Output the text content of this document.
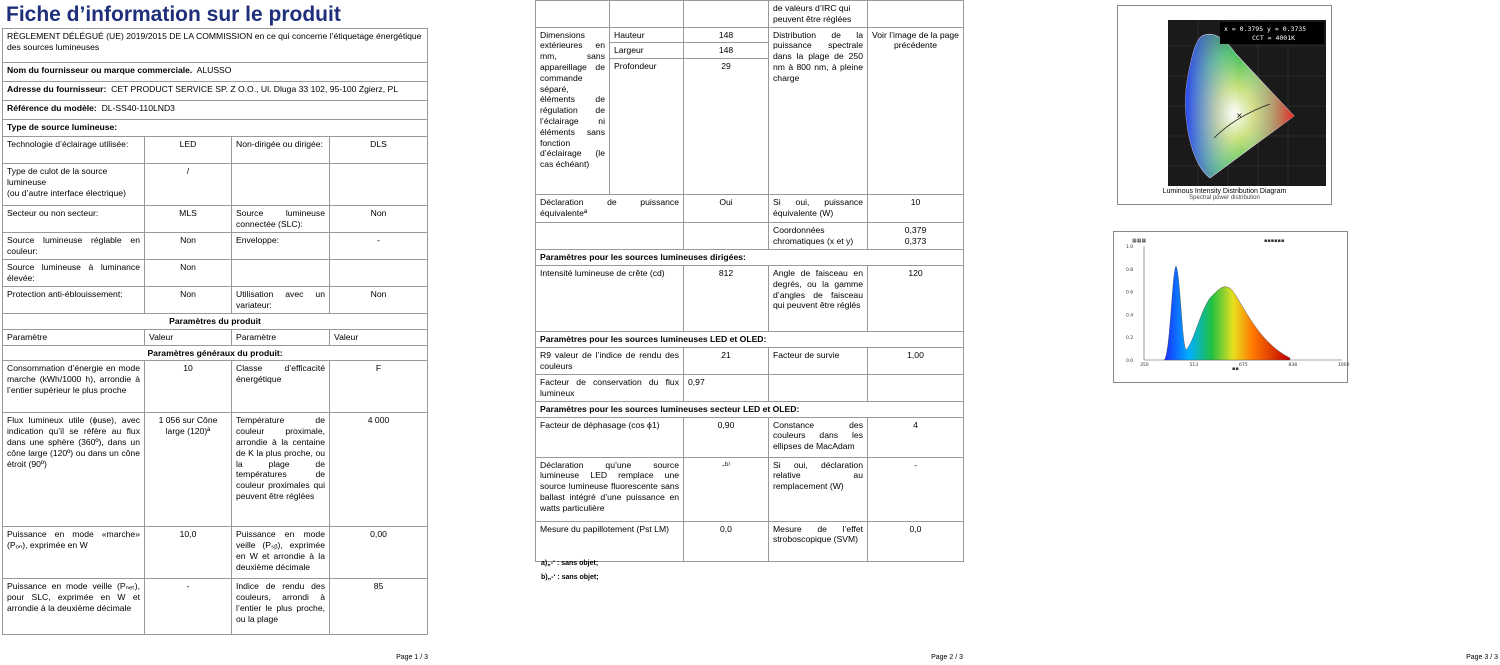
Fiche d’information sur le produit
RÈGLEMENT DÉLÉGUÉ (UE) 2019/2015 DE LA COMMISSION en ce qui concerne l’étiquetage énergétique des sources lumineuses			
Nom du fournisseur ou marque commerciale. ALUSSO			
Adresse du fournisseur: CET PRODUCT SERVICE SP. Z O.O., Ul. Dluga 33 102, 95-100 Zgierz, PL			
Référence du modèle: DL-SS40-110LND3			
Type de source lumineuse:			
Technologie d’éclairage utilisée:	LED	Non-dirigée ou dirigée:	DLS
Type de culot de la source lumineuse
(ou d’autre interface électrique)	/		
Secteur ou non secteur:	MLS	Source lumineuse connectée (SLC):	Non
Source lumineuse réglable en couleur:	Non	Enveloppe:	-
Source lumineuse à luminance élevée:	Non		
Protection anti-éblouissement:	Non	Utilisation avec un variateur:	Non
Paramètres du produit			
Paramètre	Valeur	Paramètre	Valeur
Paramètres généraux du produit:			
Consommation d’énergie en mode marche (kWh/1000 h), arrondie à l’entier supérieur le plus proche	10	Classe d’efficacité énergétique	F
Flux lumineux utile (ϕuse), avec indication qu’il se réfère au flux dans une sphère (360º), dans un cône large (120º) ou dans un cône étroit (90º)	1 056 sur Cône large (120)ª	Température de couleur proximale, arrondie à la centaine de K la plus proche, ou la plage de températures de couleur proximales qui peuvent être réglées	4 000
Puissance en mode «marche» (Pₒₙ), exprimée en W	10,0	Puissance en mode veille (Pₛᵦ), exprimée en W et arrondie à la deuxième décimale	0,00
Puissance en mode veille (Pₙₑₜ), pour SLC, exprimée en W et arrondie à la deuxième décimale	-	Indice de rendu des couleurs, arrondi à l’entier le plus proche, ou la plage	85
Page 1 / 3
			de valeurs d’IRC qui peuvent être réglées	
Dimensions extérieures en mm, sans appareillage de commande séparé, éléments de régulation de l’éclairage ni éléments sans fonction d’éclairage (le cas échéant)	Hauteur	148	Distribution de la puissance spectrale dans la plage de 250 nm à 800 nm, à pleine charge	Voir l’image de la page précédente
	Largeur	148		
	Profondeur	29		
Déclaration de puissance équivalenteª		Oui	Si oui, puissance équivalente (W)	10
			Coordonnées chromatiques (x et y)	0,379
0,373
Paramètres pour les sources lumineuses dirigées:				
Intensité lumineuse de crête (cd)		812	Angle de faisceau en degrés, ou la gamme d’angles de faisceau qui peuvent être réglés	120
Paramètres pour les sources lumineuses LED et OLED:				
R9 valeur de l’indice de rendu des couleurs		21	Facteur de survie	1,00
Facteur de conservation du flux lumineux		0,97		
Paramètres pour les sources lumineuses secteur LED et OLED:				
Facteur de déphasage (cos ϕ1)		0,90	Constance des couleurs dans les ellipses de MacAdam	4
Déclaration qu’une source lumineuse LED remplace une source lumineuse fluorescente sans ballast intégré d’une puissance en watts particulière		-ᵇ⁾	Si oui, déclaration relative au remplacement (W)	-
Mesure du papillotement (Pst LM)		0,0	Mesure de l’effet stroboscopique (SVM)	0,0
a)„-‘ : sans objet;
b)„-‘ : sans objet;
Page 2 / 3
×
x = 0.3795 y = 0.3735
CCT = 4001K
Luminous Intensity Distribution Diagram
Spectral power distribution
▦▦▦	▪▪▪▪▪▪
1.0
0.8
0.6
0.4
0.2
0.0
350	513	675	838	1000
▪▪
Page 3 / 3
